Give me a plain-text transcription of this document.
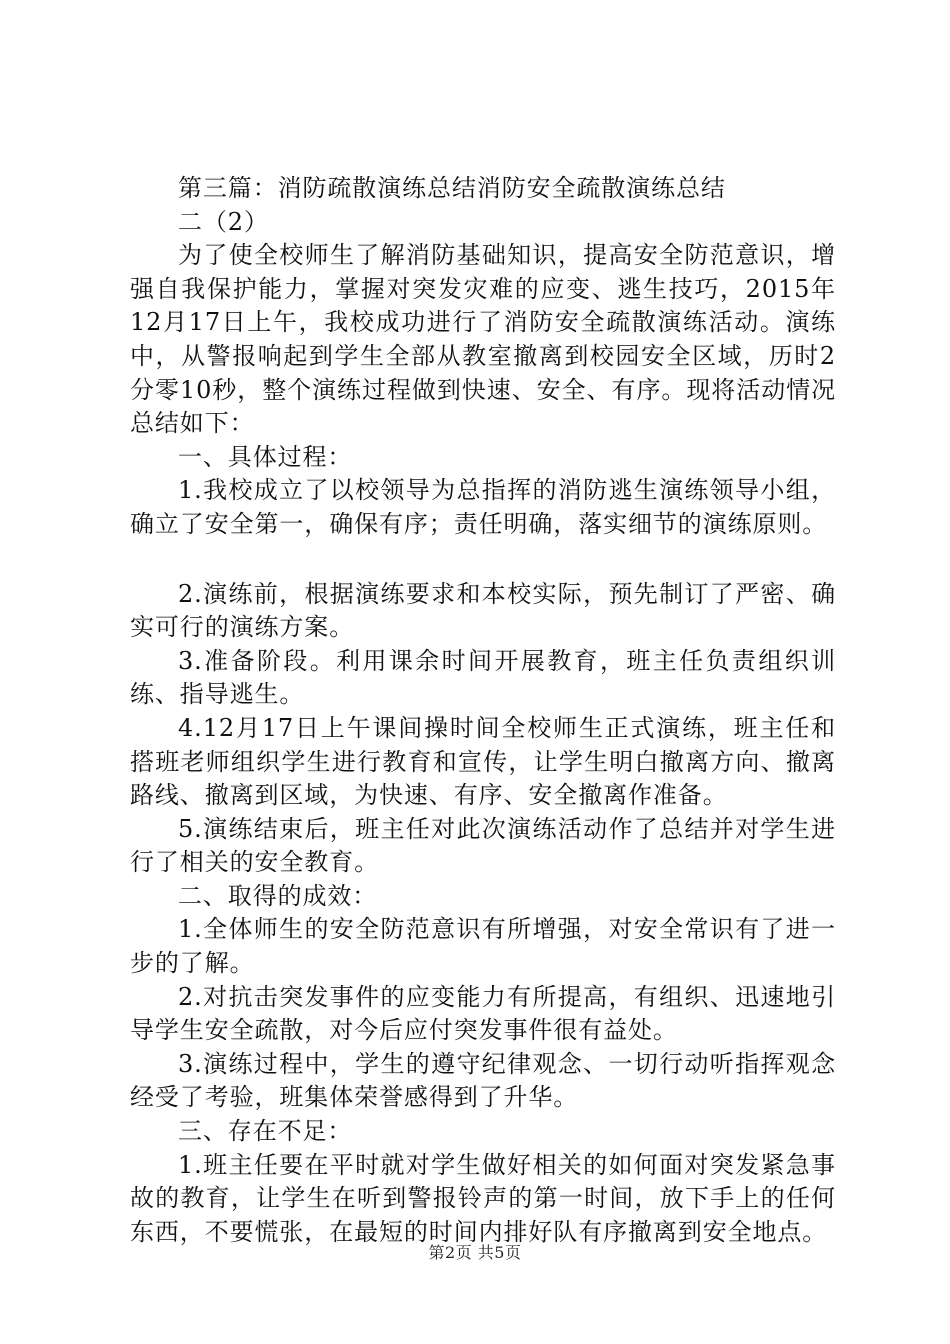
第三篇：消防疏散演练总结消防安全疏散演练总结

二（2）

为了使全校师生了解消防基础知识，提高安全防范意识，增强自我保护能力，掌握对突发灾难的应变、逃生技巧，2015年12月17日上午，我校成功进行了消防安全疏散演练活动。演练中，从警报响起到学生全部从教室撤离到校园安全区域，历时2分零10秒，整个演练过程做到快速、安全、有序。现将活动情况总结如下：

一、具体过程：

1.我校成立了以校领导为总指挥的消防逃生演练领导小组，确立了安全第一，确保有序；责任明确，落实细节的演练原则。

2.演练前，根据演练要求和本校实际，预先制订了严密、确实可行的演练方案。

3.准备阶段。利用课余时间开展教育，班主任负责组织训练、指导逃生。

4.12月17日上午课间操时间全校师生正式演练，班主任和搭班老师组织学生进行教育和宣传，让学生明白撤离方向、撤离路线、撤离到区域，为快速、有序、安全撤离作准备。

5.演练结束后，班主任对此次演练活动作了总结并对学生进行了相关的安全教育。

二、取得的成效：

1.全体师生的安全防范意识有所增强，对安全常识有了进一步的了解。

2.对抗击突发事件的应变能力有所提高，有组织、迅速地引导学生安全疏散，对今后应付突发事件很有益处。

3.演练过程中，学生的遵守纪律观念、一切行动听指挥观念经受了考验，班集体荣誉感得到了升华。

三、存在不足：

1.班主任要在平时就对学生做好相关的如何面对突发紧急事故的教育，让学生在听到警报铃声的第一时间，放下手上的任何东西，不要慌张，在最短的时间内排好队有序撤离到安全地点。

第2页 共5页
